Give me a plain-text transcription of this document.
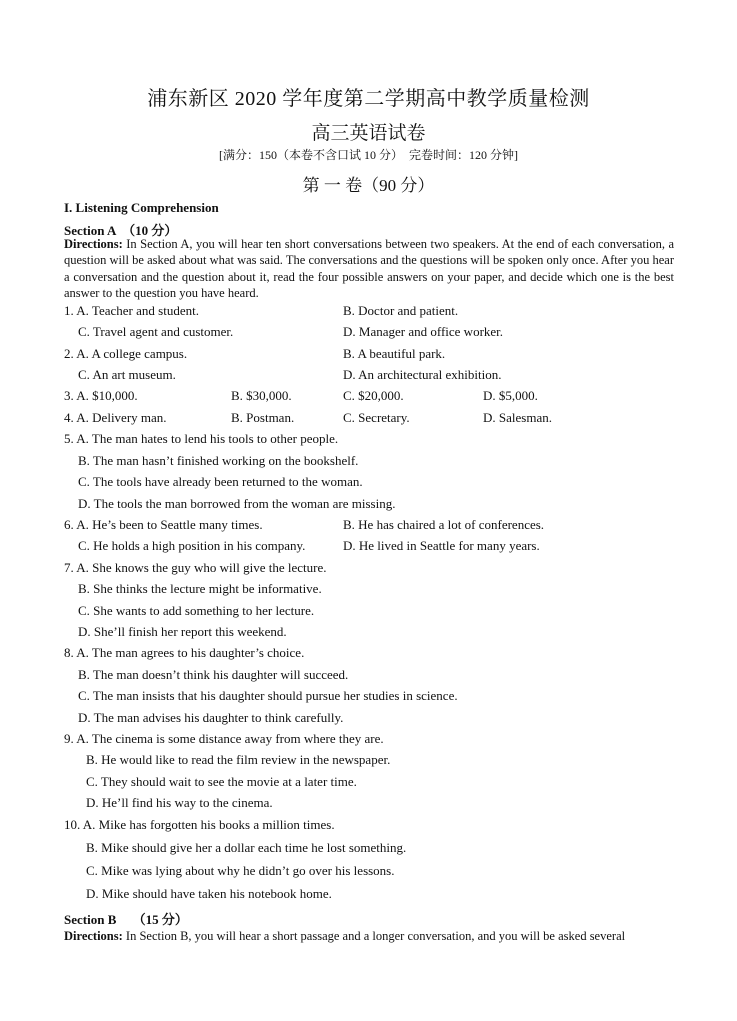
浦东新区 2020 学年度第二学期高中教学质量检测
高三英语试卷
[满分：150（本卷不含口试 10 分）　完卷时间：120 分钟]
第 一 卷（90 分）
I. Listening Comprehension
Section A　（10 分）
Directions: In Section A, you will hear ten short conversations between two speakers. At the end of each conversation, a question will be asked about what was said. The conversations and the questions will be spoken only once. After you hear a conversation and the question about it, read the four possible answers on your paper, and decide which one is the best answer to the question you have heard.
1. A. Teacher and student.	B. Doctor and patient.
C. Travel agent and customer.	D. Manager and office worker.
2. A. A college campus.	B. A beautiful park.
C. An art museum.	D. An architectural exhibition.
3. A. $10,000.	B. $30,000.	C. $20,000.	D. $5,000.
4. A. Delivery man.	B. Postman.	C. Secretary.	D. Salesman.
5. A. The man hates to lend his tools to other people.
B. The man hasn’t finished working on the bookshelf.
C. The tools have already been returned to the woman.
D. The tools the man borrowed from the woman are missing.
6. A. He’s been to Seattle many times.	B. He has chaired a lot of conferences.
C. He holds a high position in his company.	D. He lived in Seattle for many years.
7. A. She knows the guy who will give the lecture.
B. She thinks the lecture might be informative.
C. She wants to add something to her lecture.
D. She’ll finish her report this weekend.
8. A. The man agrees to his daughter’s choice.
B. The man doesn’t think his daughter will succeed.
C. The man insists that his daughter should pursue her studies in science.
D. The man advises his daughter to think carefully.
9. A. The cinema is some distance away from where they are.
B. He would like to read the film review in the newspaper.
C. They should wait to see the movie at a later time.
D. He’ll find his way to the cinema.
10. A. Mike has forgotten his books a million times.
B. Mike should give her a dollar each time he lost something.
C. Mike was lying about why he didn’t go over his lessons.
D. Mike should have taken his notebook home.
Section B　 （15 分）
Directions: In Section B, you will hear a short passage and a longer conversation, and you will be asked several
